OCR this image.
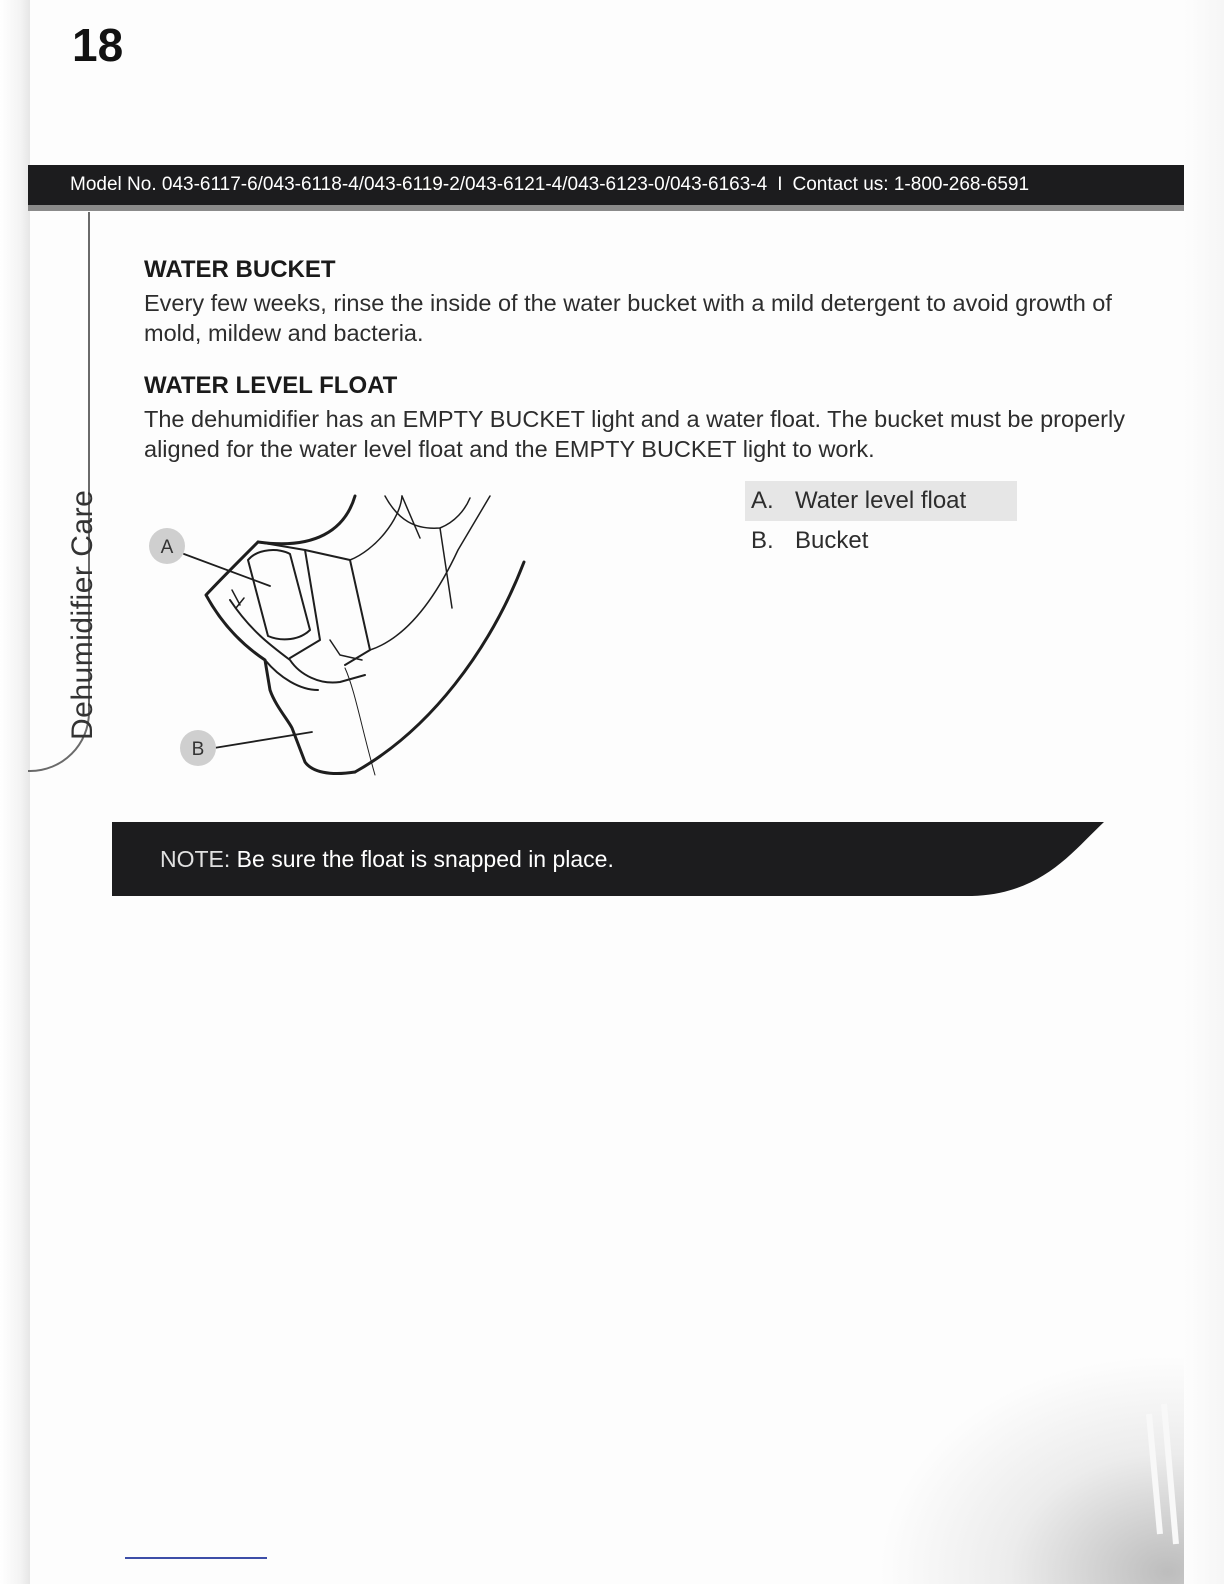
18
Model No. 043-6117-6/043-6118-4/043-6119-2/043-6121-4/043-6123-0/043-6163-4 I Contact us: 1-800-268-6591
Dehumidifier Care
WATER BUCKET
Every few weeks, rinse the inside of the water bucket with a mild detergent to avoid growth of mold, mildew and bacteria.
WATER LEVEL FLOAT
The dehumidifier has an EMPTY BUCKET light and a water float. The bucket must be properly aligned for the water level float and the EMPTY BUCKET light to work.
A
B
A. Water level float
B. Bucket
NOTE: Be sure the float is snapped in place.
